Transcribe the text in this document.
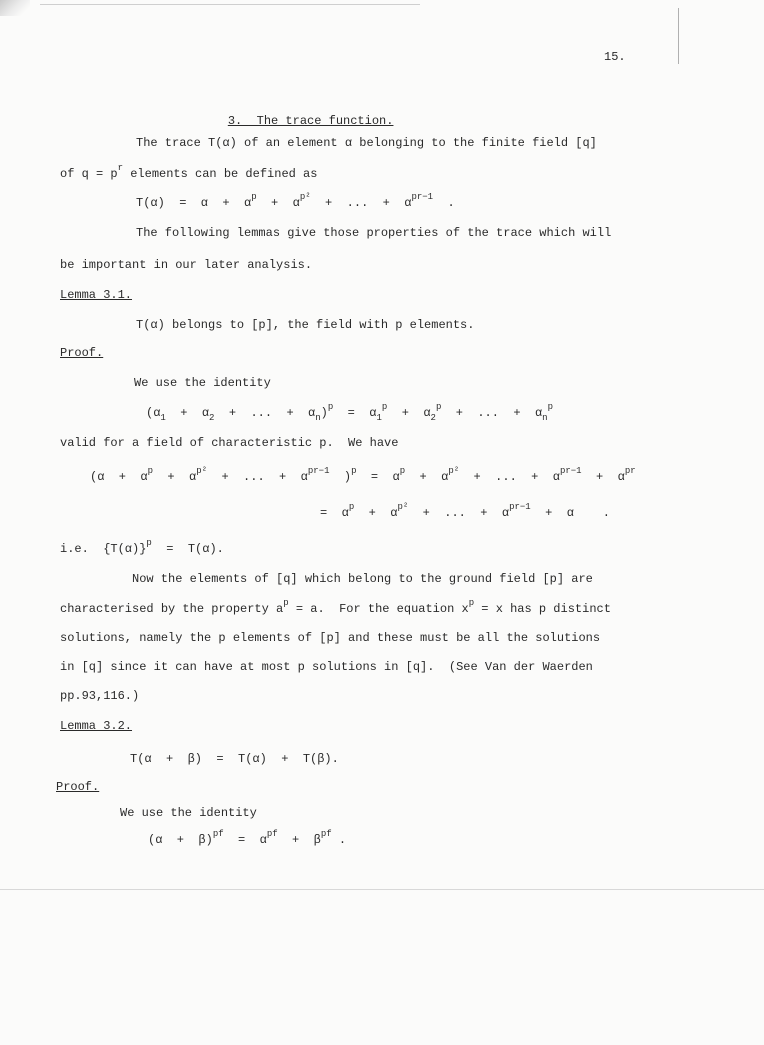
15.

3.  The trace function.

The trace T(α) of an element α belonging to the finite field [q]
of $q = p^r$ elements can be defined as
$T(\alpha) = \alpha + \alpha^p + \alpha^{p^2}$  +  ...  +  $\alpha^{pr-1}$  .
The following lemmas give those properties of the trace which will
be important in our later analysis.
Lemma 3.1.
T(α) belongs to [p], the field with p elements.
Proof.
We use the identity
($\alpha_1 + \alpha_2$  +  ...  +  $\alpha_n)^p = \alpha_1^p + \alpha_2^p$  +  ...  +  $\alpha_n^p$
valid for a field of characteristic p.  We have
($\alpha + \alpha^p + \alpha^{p^2}$  +  ...  +  $\alpha^{pr-1}$  )$^p = \alpha^p + \alpha^{p^2}$  +  ...  +  $\alpha^{pr-1} + \alpha^{pr}$
=  $\alpha^p + \alpha^{p^2}$  +  ...  +  $\alpha^{pr-1} + \alpha$    .
i.e.  $\{T(\alpha)\}^p = T(\alpha)$.
Now the elements of [q] which belong to the ground field [p] are
characterised by the property $a^p = a$.  For the equation $x^p = x$ has p distinct
solutions, namely the p elements of [p] and these must be all the solutions
in [q] since it can have at most p solutions in [q].  (See Van der Waerden
pp.93,116.)
Lemma 3.2.
T(α  +  β)  =  T(α)  +  T(β).
Proof.
We use the identity
$(\alpha + \beta)^{pf} = \alpha^{pf} + \beta^{pf}$ .
